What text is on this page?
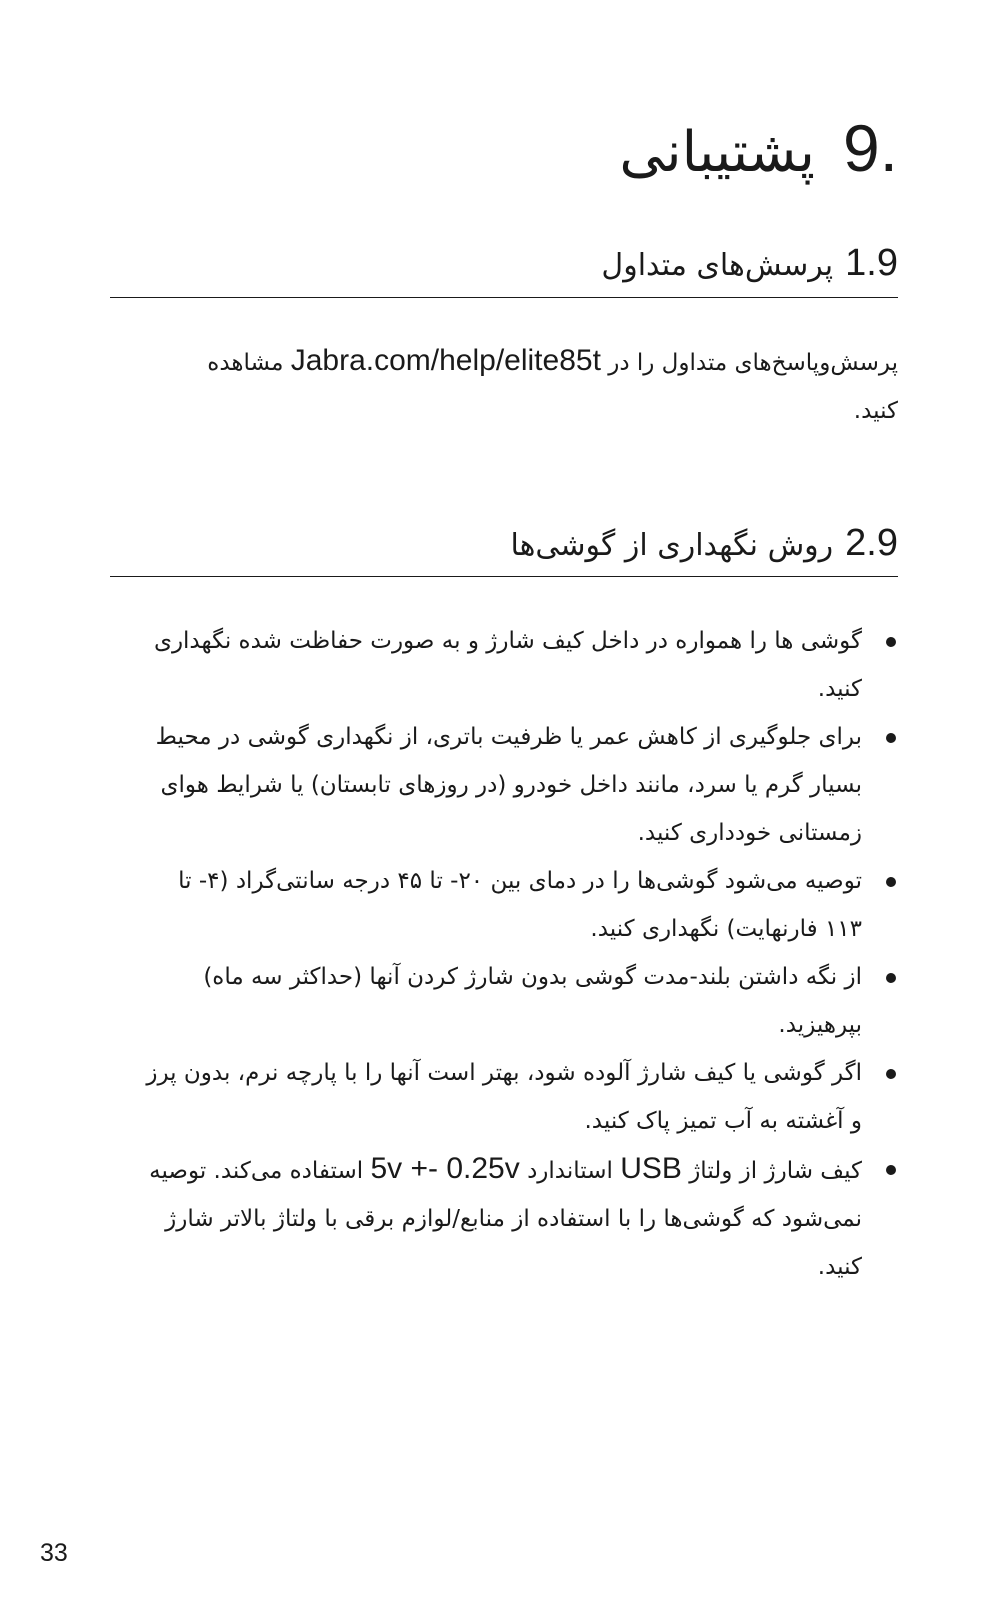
.9پشتیبانی
1.9پرسش‌های متداول

پرسش‌وپاسخ‌های متداول را در Jabra.com/help/elite85t مشاهده کنید.

2.9روش نگهداری از گوشی‌ها
گوشی ها را همواره در داخل کیف شارژ و به صورت حفاظت شده نگهداری کنید.
برای جلوگیری از کاهش عمر یا ظرفیت باتری، از نگهداری گوشی در محیط بسیار گرم یا سرد، مانند داخل خودرو (در روزهای تابستان) یا شرایط هوای زمستانی خودداری کنید.
توصیه می‌شود گوشی‌ها را در دمای بین ‎-۲۰ تا ۴۵ درجه سانتی‌گراد (‎-۴ تا ۱۱۳ فارنهایت) نگهداری کنید.
از نگه داشتن بلند-مدت گوشی بدون شارژ کردن آنها (حداکثر سه ماه) بپرهیزید.
اگر گوشی یا کیف شارژ آلوده شود، بهتر است آنها را با پارچه نرم، بدون پرز و آغشته به آب تمیز پاک کنید.
کیف شارژ از ولتاژ USB استاندارد 5v +- 0.25v استفاده می‌کند. توصیه نمی‌شود که گوشی‌ها را با استفاده از منابع/لوازم برقی با ولتاژ بالاتر شارژ کنید.
33
